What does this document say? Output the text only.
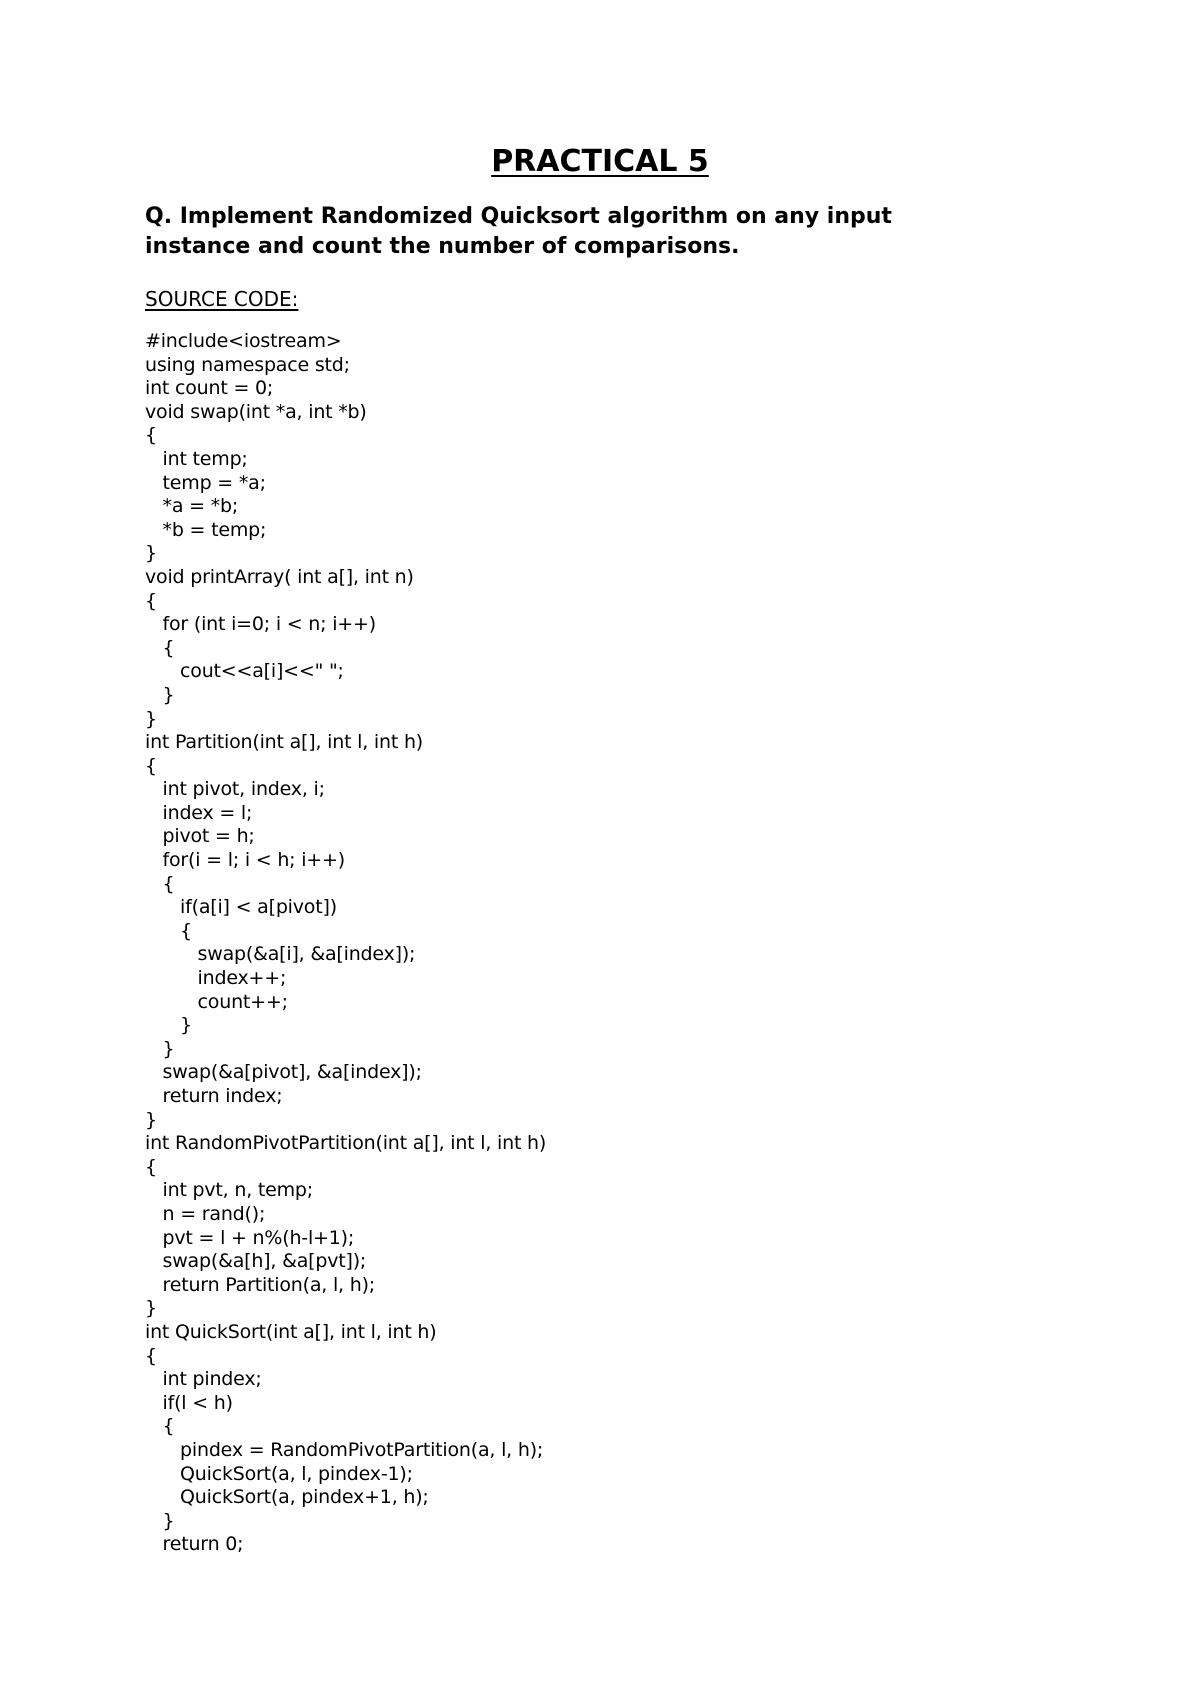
PRACTICAL 5
Q. Implement Randomized Quicksort algorithm on any input
instance and count the number of comparisons.
SOURCE CODE:
#include<iostream>
using namespace std;
int count = 0;
void swap(int *a, int *b)
{
int temp;
temp = *a;
*a = *b;
*b = temp;
}
void printArray( int a[], int n)
{
for (int i=0; i < n; i++)
{
cout<<a[i]<<" ";
}
}
int Partition(int a[], int l, int h)
{
int pivot, index, i;
index = l;
pivot = h;
for(i = l; i < h; i++)
{
if(a[i] < a[pivot])
{
swap(&a[i], &a[index]);
index++;
count++;
}
}
swap(&a[pivot], &a[index]);
return index;
}
int RandomPivotPartition(int a[], int l, int h)
{
int pvt, n, temp;
n = rand();
pvt = l + n%(h-l+1);
swap(&a[h], &a[pvt]);
return Partition(a, l, h);
}
int QuickSort(int a[], int l, int h)
{
int pindex;
if(l < h)
{
pindex = RandomPivotPartition(a, l, h);
QuickSort(a, l, pindex-1);
QuickSort(a, pindex+1, h);
}
return 0;
